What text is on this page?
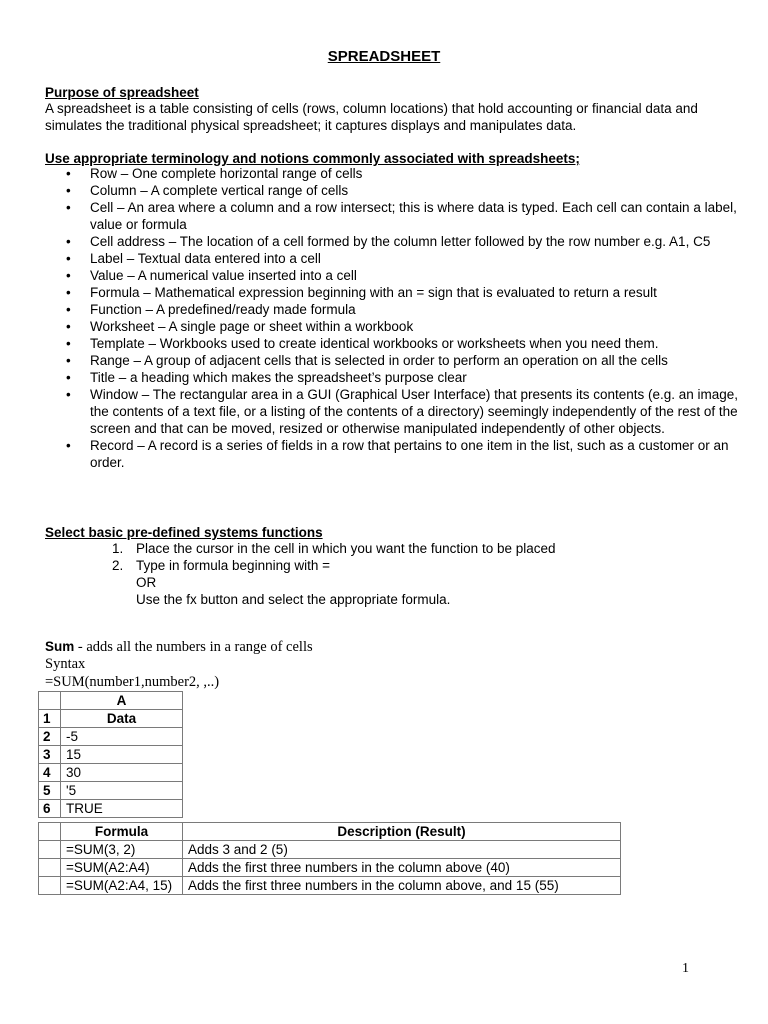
SPREADSHEET
Purpose of spreadsheet
A spreadsheet is a table consisting of cells (rows, column locations) that hold accounting or financial data and simulates the traditional physical spreadsheet; it captures displays and manipulates data.
Use appropriate terminology and notions commonly associated with spreadsheets;
• Row – One complete horizontal range of cells
• Column – A complete vertical range of cells
• Cell – An area where a column and a row intersect; this is where data is typed. Each cell can contain a label, value or formula
• Cell address – The location of a cell formed by the column letter followed by the row number e.g. A1, C5
• Label – Textual data entered into a cell
• Value – A numerical value inserted into a cell
• Formula – Mathematical expression beginning with an = sign that is evaluated to return a result
• Function – A predefined/ready made formula
• Worksheet – A single page or sheet within a workbook
• Template – Workbooks used to create identical workbooks or worksheets when you need them.
• Range – A group of adjacent cells that is selected in order to perform an operation on all the cells
• Title – a heading which makes the spreadsheet’s purpose clear
• Window – The rectangular area in a GUI (Graphical User Interface) that presents its contents (e.g. an image, the contents of a text file, or a listing of the contents of a directory) seemingly independently of the rest of the screen and that can be moved, resized or otherwise manipulated independently of other objects.
• Record – A record is a series of fields in a row that pertains to one item in the list, such as a customer or an order.
Select basic pre-defined systems functions
1. Place the cursor in the cell in which you want the function to be placed
2. Type in formula beginning with =
OR
Use the fx button and select the appropriate formula.
Sum - adds all the numbers in a range of cells
Syntax
=SUM(number1,number2, ,..)
	A
1	Data
2	-5
3	15
4	30
5	'5
6	TRUE
	Formula	Description (Result)
	=SUM(3, 2)	Adds 3 and 2 (5)
	=SUM(A2:A4)	Adds the first three numbers in the column above (40)
	=SUM(A2:A4, 15)	Adds the first three numbers in the column above, and 15 (55)
1
